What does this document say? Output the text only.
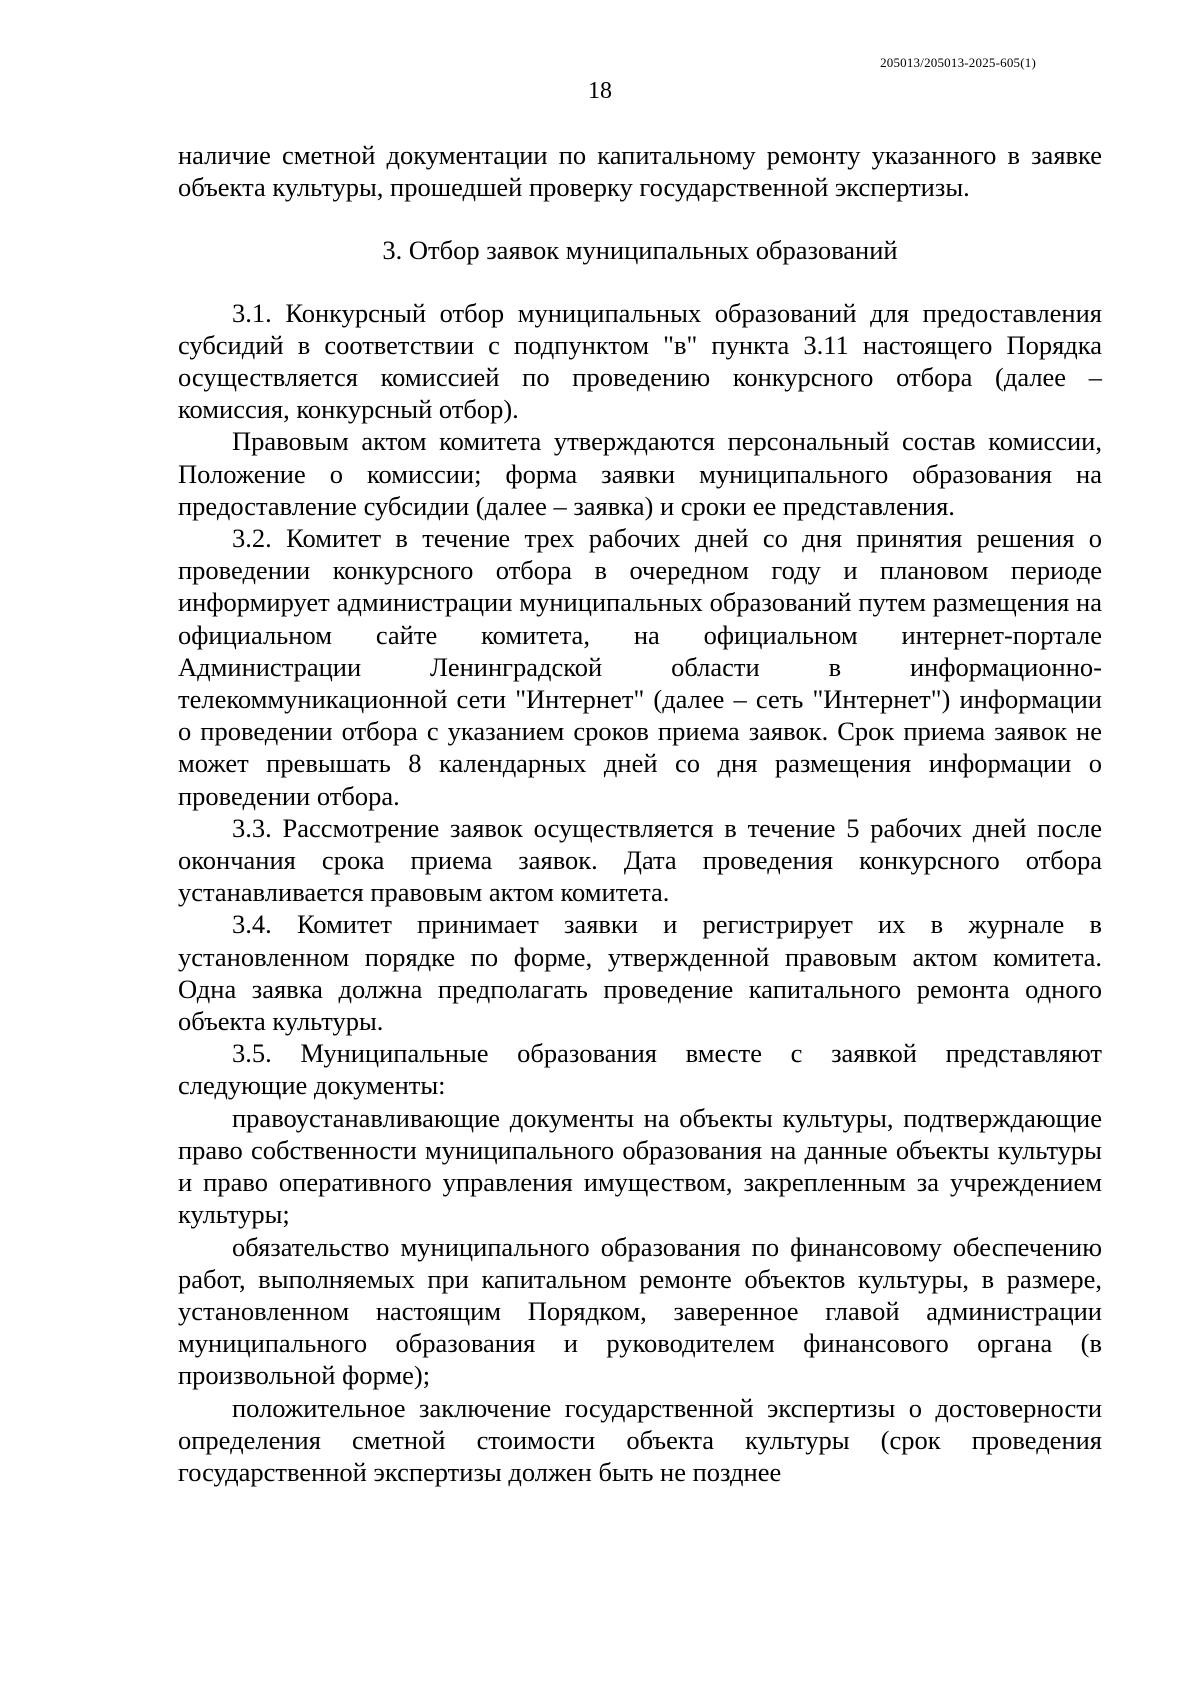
205013/205013-2025-605(1)
18

наличие сметной документации по капитальному ремонту указанного в заявке объекта культуры, прошедшей проверку государственной экспертизы.

3. Отбор заявок муниципальных образований

3.1. Конкурсный отбор муниципальных образований для предоставления субсидий в соответствии с подпунктом "в" пункта 3.11 настоящего Порядка осуществляется комиссией по проведению конкурсного отбора (далее – комиссия, конкурсный отбор).

Правовым актом комитета утверждаются персональный состав комиссии, Положение о комиссии; форма заявки муниципального образования на предоставление субсидии (далее – заявка) и сроки ее представления.

3.2. Комитет в течение трех рабочих дней со дня принятия решения о проведении конкурсного отбора в очередном году и плановом периоде информирует администрации муниципальных образований путем размещения на официальном сайте комитета, на официальном интернет-портале Администрации Ленинградской области в информационно-телекоммуникационной сети "Интернет" (далее – сеть "Интернет") информации о проведении отбора с указанием сроков приема заявок. Срок приема заявок не может превышать 8 календарных дней со дня размещения информации о проведении отбора.

3.3. Рассмотрение заявок осуществляется в течение 5 рабочих дней после окончания срока приема заявок. Дата проведения конкурсного отбора устанавливается правовым актом комитета.

3.4. Комитет принимает заявки и регистрирует их в журнале в установленном порядке по форме, утвержденной правовым актом комитета. Одна заявка должна предполагать проведение капитального ремонта одного объекта культуры.

3.5. Муниципальные образования вместе с заявкой представляют следующие документы:

правоустанавливающие документы на объекты культуры, подтверждающие право собственности муниципального образования на данные объекты культуры и право оперативного управления имуществом, закрепленным за учреждением культуры;

обязательство муниципального образования по финансовому обеспечению работ, выполняемых при капитальном ремонте объектов культуры, в размере, установленном настоящим Порядком, заверенное главой администрации муниципального образования и руководителем финансового органа (в произвольной форме);

положительное заключение государственной экспертизы о достоверности определения сметной стоимости объекта культуры (срок проведения государственной экспертизы должен быть не позднее
